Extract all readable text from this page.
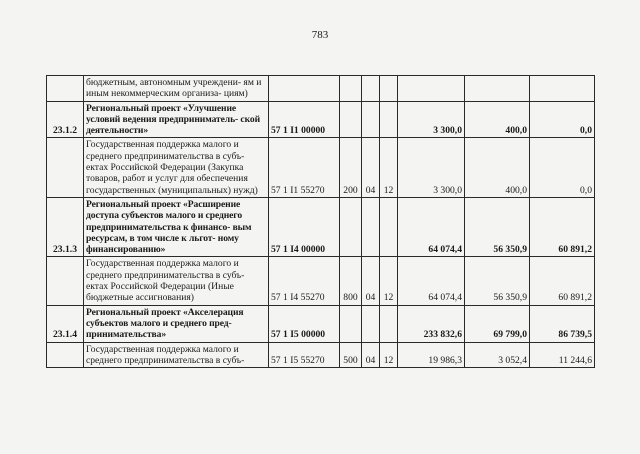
783
	бюджетным, автономным учреждени- ям и иным некоммерческим организа- циям)							
23.1.2	Региональный проект «Улучшение условий ведения предприниматель- ской деятельности»	57 1 I1 00000				3 300,0	400,0	0,0
	Государственная поддержка малого и среднего предпринимательства в субъ- ектах Российской Федерации (Закупка товаров, работ и услуг для обеспечения государственных (муниципальных) нужд)	57 1 I1 55270	200	04	12	3 300,0	400,0	0,0
23.1.3	Региональный проект «Расширение доступа субъектов малого и среднего предпринимательства к финансо- вым ресурсам, в том числе к льгот- ному финансированию»	57 1 I4 00000				64 074,4	56 350,9	60 891,2
	Государственная поддержка малого и среднего предпринимательства в субъ- ектах Российской Федерации (Иные бюджетные ассигнования)	57 1 I4 55270	800	04	12	64 074,4	56 350,9	60 891,2
23.1.4	Региональный проект «Акселерация субъектов малого и среднего пред- принимательства»	57 1 I5 00000				233 832,6	69 799,0	86 739,5
	Государственная поддержка малого и среднего предпринимательства в субъ-	57 1 I5 55270	500	04	12	19 986,3	3 052,4	11 244,6
